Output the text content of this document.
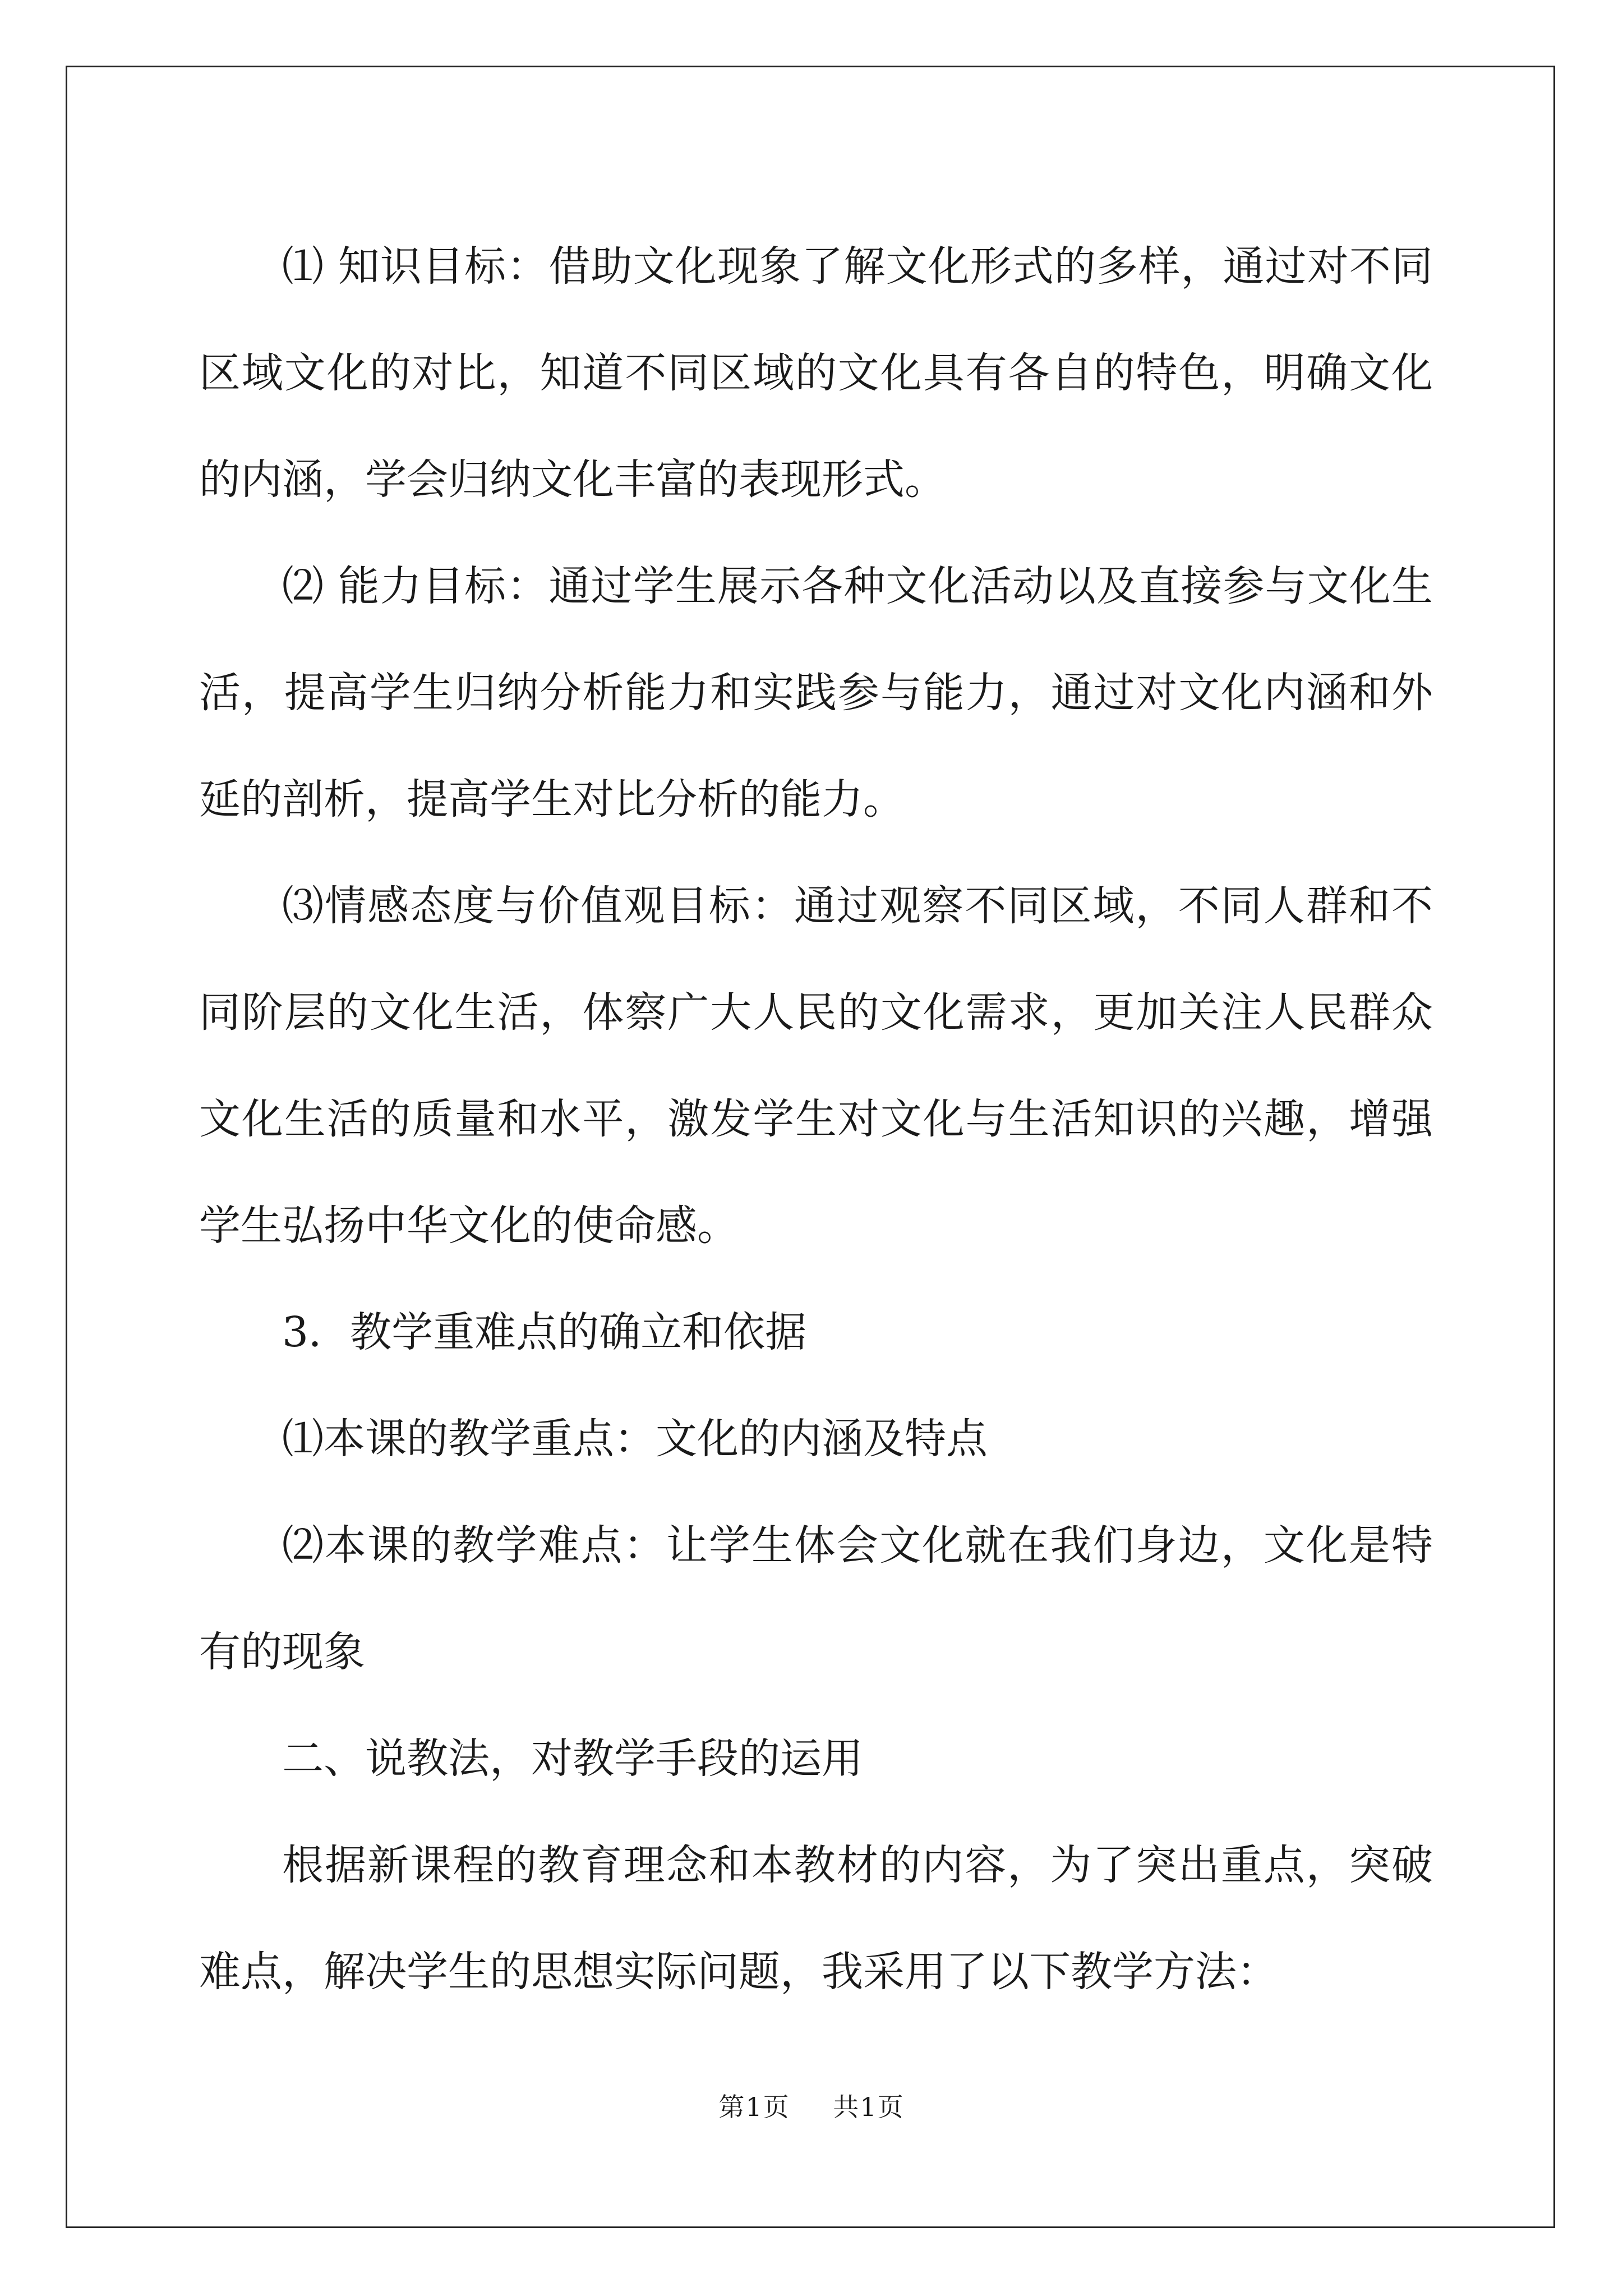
⑴ 知识目标：借助文化现象了解文化形式的多样，通过对不同区域文化的对比，知道不同区域的文化具有各自的特色，明确文化的内涵，学会归纳文化丰富的表现形式。

⑵ 能力目标：通过学生展示各种文化活动以及直接参与文化生活，提高学生归纳分析能力和实践参与能力，通过对文化内涵和外延的剖析，提高学生对比分析的能力。

⑶情感态度与价值观目标：通过观察不同区域，不同人群和不同阶层的文化生活，体察广大人民的文化需求，更加关注人民群众文化生活的质量和水平，激发学生对文化与生活知识的兴趣，增强学生弘扬中华文化的使命感。

3．教学重难点的确立和依据

⑴本课的教学重点：文化的内涵及特点

⑵本课的教学难点：让学生体会文化就在我们身边，文化是特有的现象

二、说教法，对教学手段的运用

根据新课程的教育理念和本教材的内容，为了突出重点，突破难点，解决学生的思想实际问题，我采用了以下教学方法：

第1页 共1页
